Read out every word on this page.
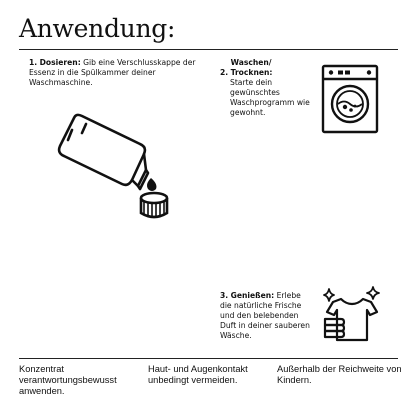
Anwendung:
1. Dosieren: Gib eine Verschlusskappe der Essenz in die Spülkammer deiner Waschmaschine.
2. Waschen/ Trocknen:
Starte dein gewünschtes Waschprogramm wie gewohnt.
3. Genießen: Erlebe die natürliche Frische und den belebenden Duft in deiner sauberen Wäsche.
Konzentrat verantwortungsbewusst anwenden.
Haut- und Augenkontakt unbedingt vermeiden.
Außerhalb der Reichweite von Kindern.
